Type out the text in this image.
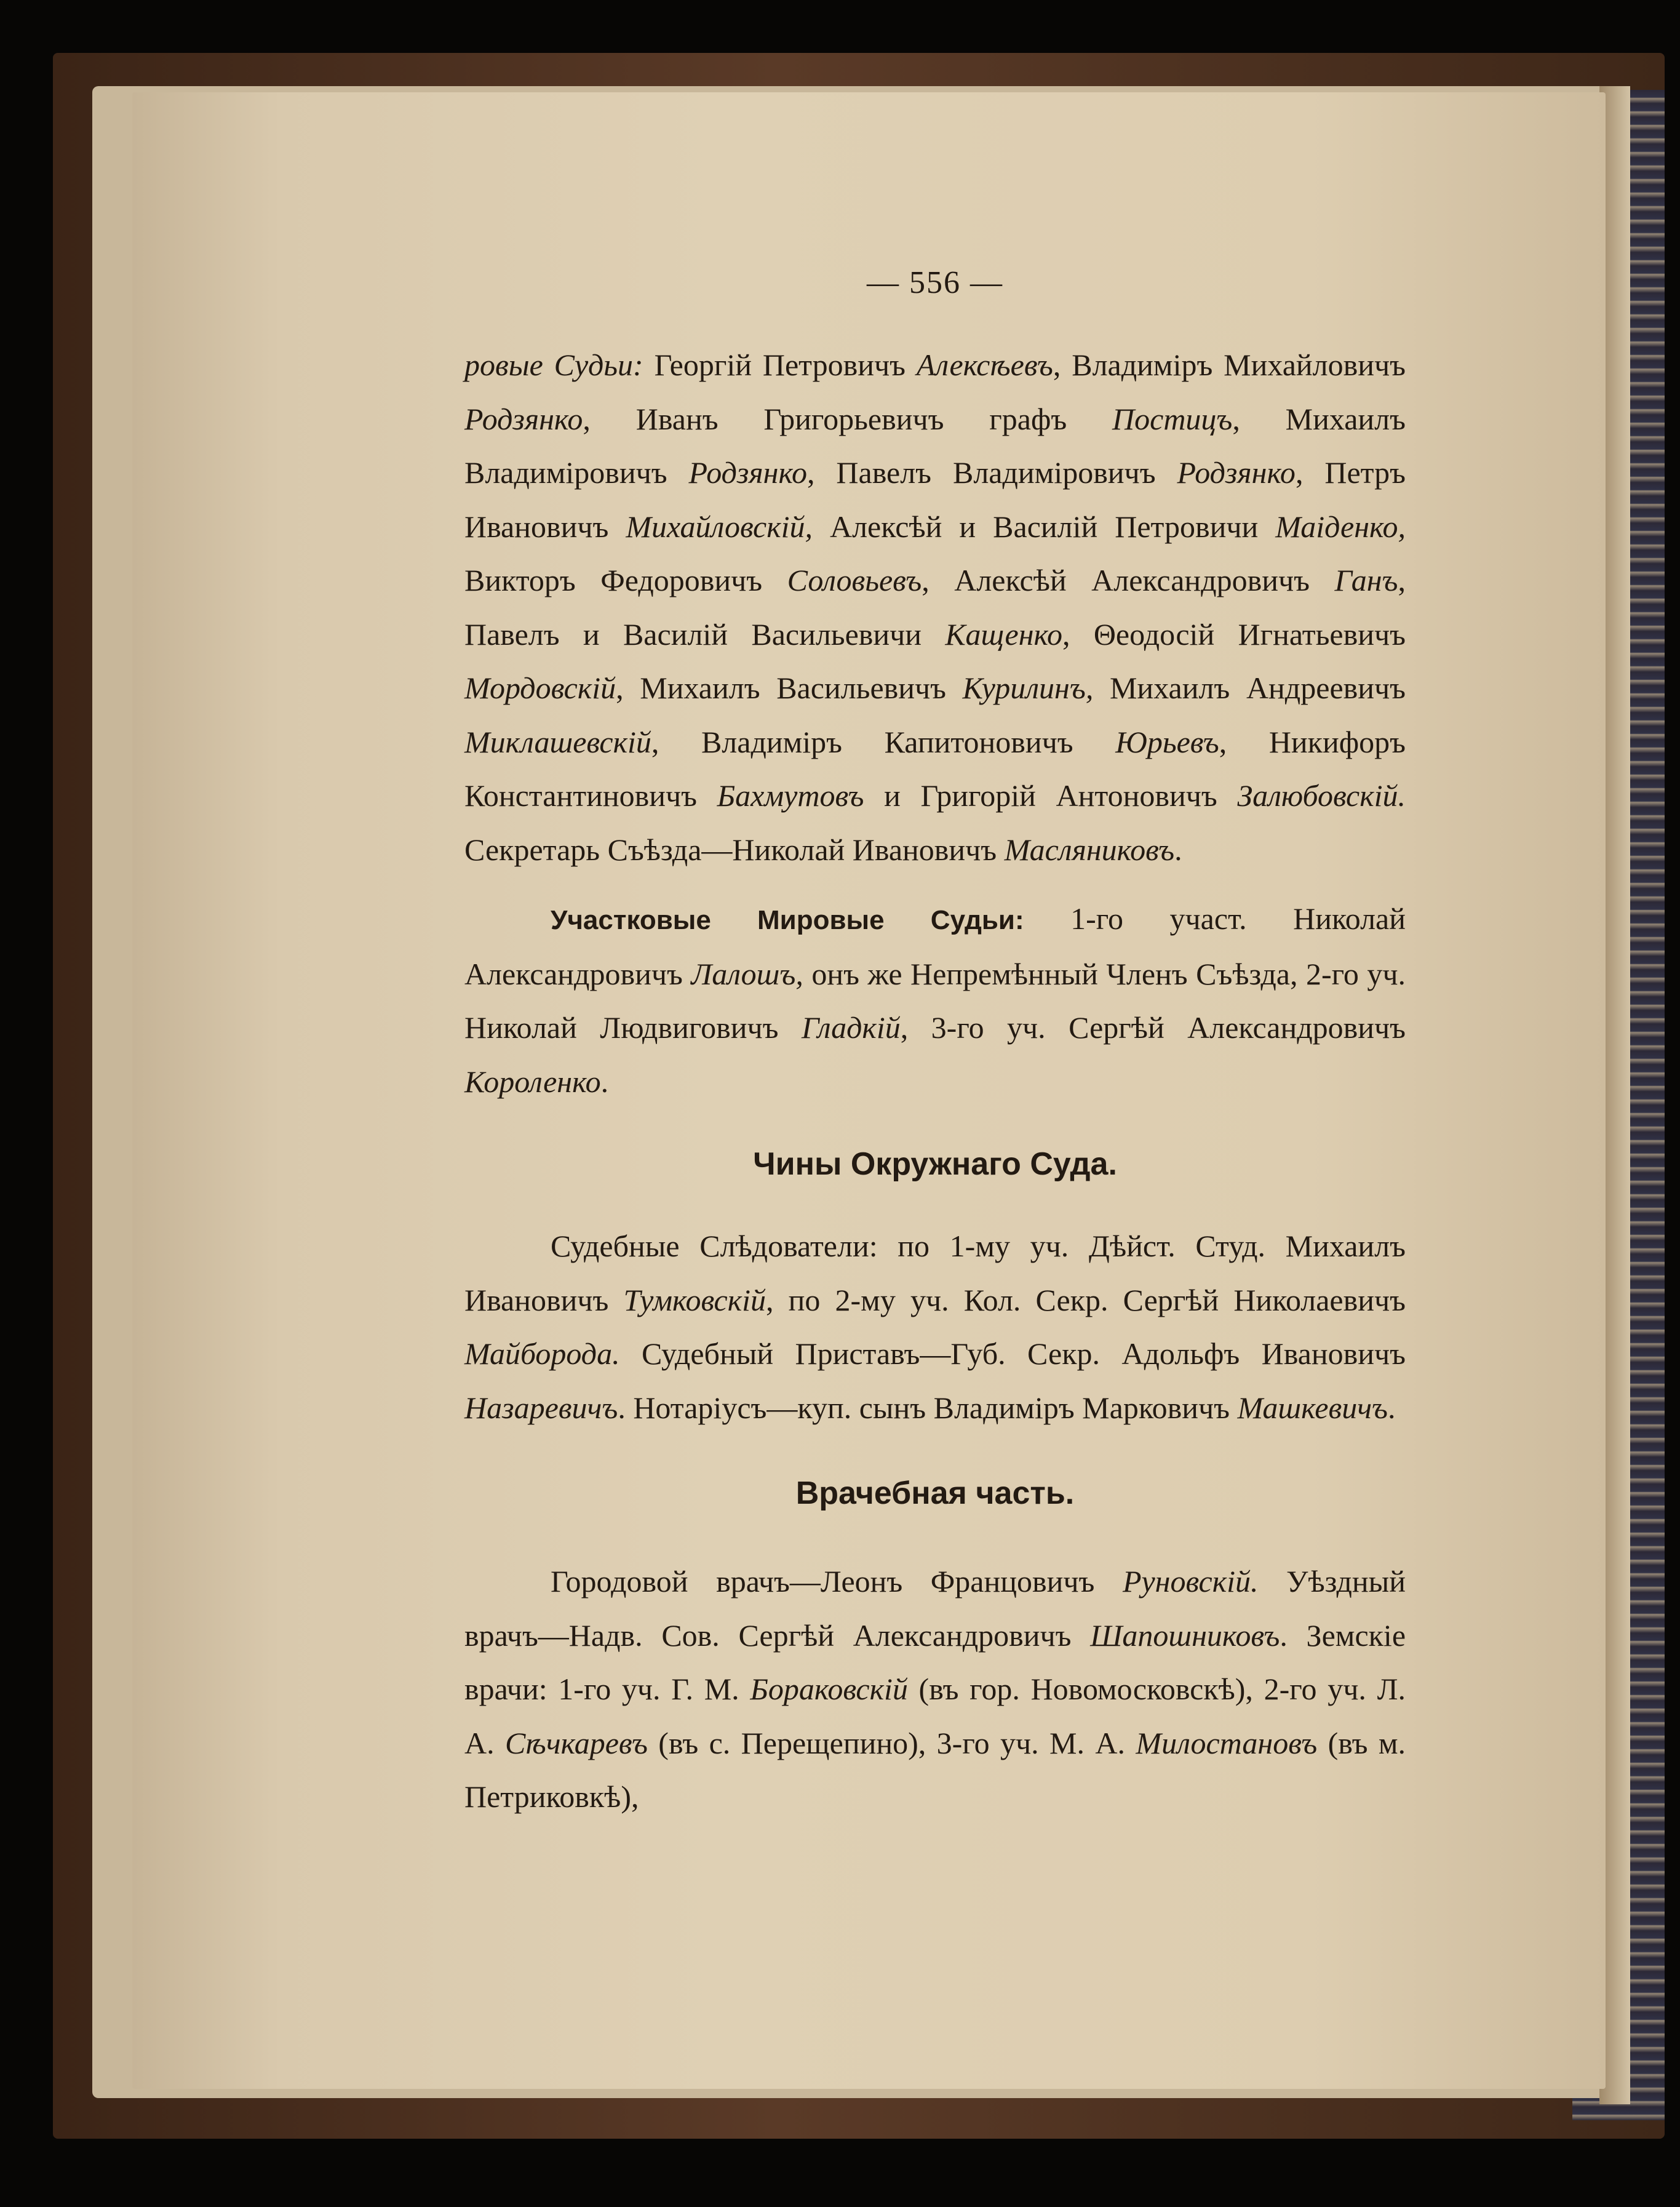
— 556 —

ровые Судьи: Георгій Петровичъ Алексѣевъ, Владиміръ Михайловичъ Родзянко, Иванъ Григорьевичъ графъ Постицъ, Михаилъ Владиміровичъ Родзянко, Павелъ Владиміровичъ Родзянко, Петръ Ивановичъ Михайловскій, Алексѣй и Василій Петровичи Маіденко, Викторъ Федоровичъ Соловьевъ, Алексѣй Александровичъ Ганъ, Павелъ и Василій Васильевичи Кащенко, Θеодосій Игнатьевичъ Мордовскій, Михаилъ Васильевичъ Курилинъ, Михаилъ Андреевичъ Миклашевскій, Владиміръ Капитоновичъ Юрьевъ, Никифоръ Константиновичъ Бахмутовъ и Григорій Антоновичъ Залюбовскій. Секретарь Съѣзда—Николай Ивановичъ Масляниковъ.

Участковые Мировые Судьи: 1-го участ. Николай Александровичъ Лалошъ, онъ же Непремѣнный Членъ Съѣзда, 2-го уч. Николай Людвиговичъ Гладкій, 3-го уч. Сергѣй Александровичъ Короленко.

Чины Окружнаго Суда.

Судебные Слѣдователи: по 1-му уч. Дѣйст. Студ. Михаилъ Ивановичъ Тумковскій, по 2-му уч. Кол. Секр. Сергѣй Николаевичъ Майборода. Судебный Приставъ—Губ. Секр. Адольфъ Ивановичъ Назаревичъ. Нотаріусъ—куп. сынъ Владиміръ Марковичъ Машкевичъ.

Врачебная часть.

Городовой врачъ—Леонъ Францовичъ Руновскій. Уѣздный врачъ—Надв. Сов. Сергѣй Александровичъ Шапошниковъ. Земскіе врачи: 1-го уч. Г. М. Бораковскій (въ гор. Новомосковскѣ), 2-го уч. Л. А. Сѣчкаревъ (въ с. Перещепино), 3-го уч. М. А. Милостановъ (въ м. Петриковкѣ),
